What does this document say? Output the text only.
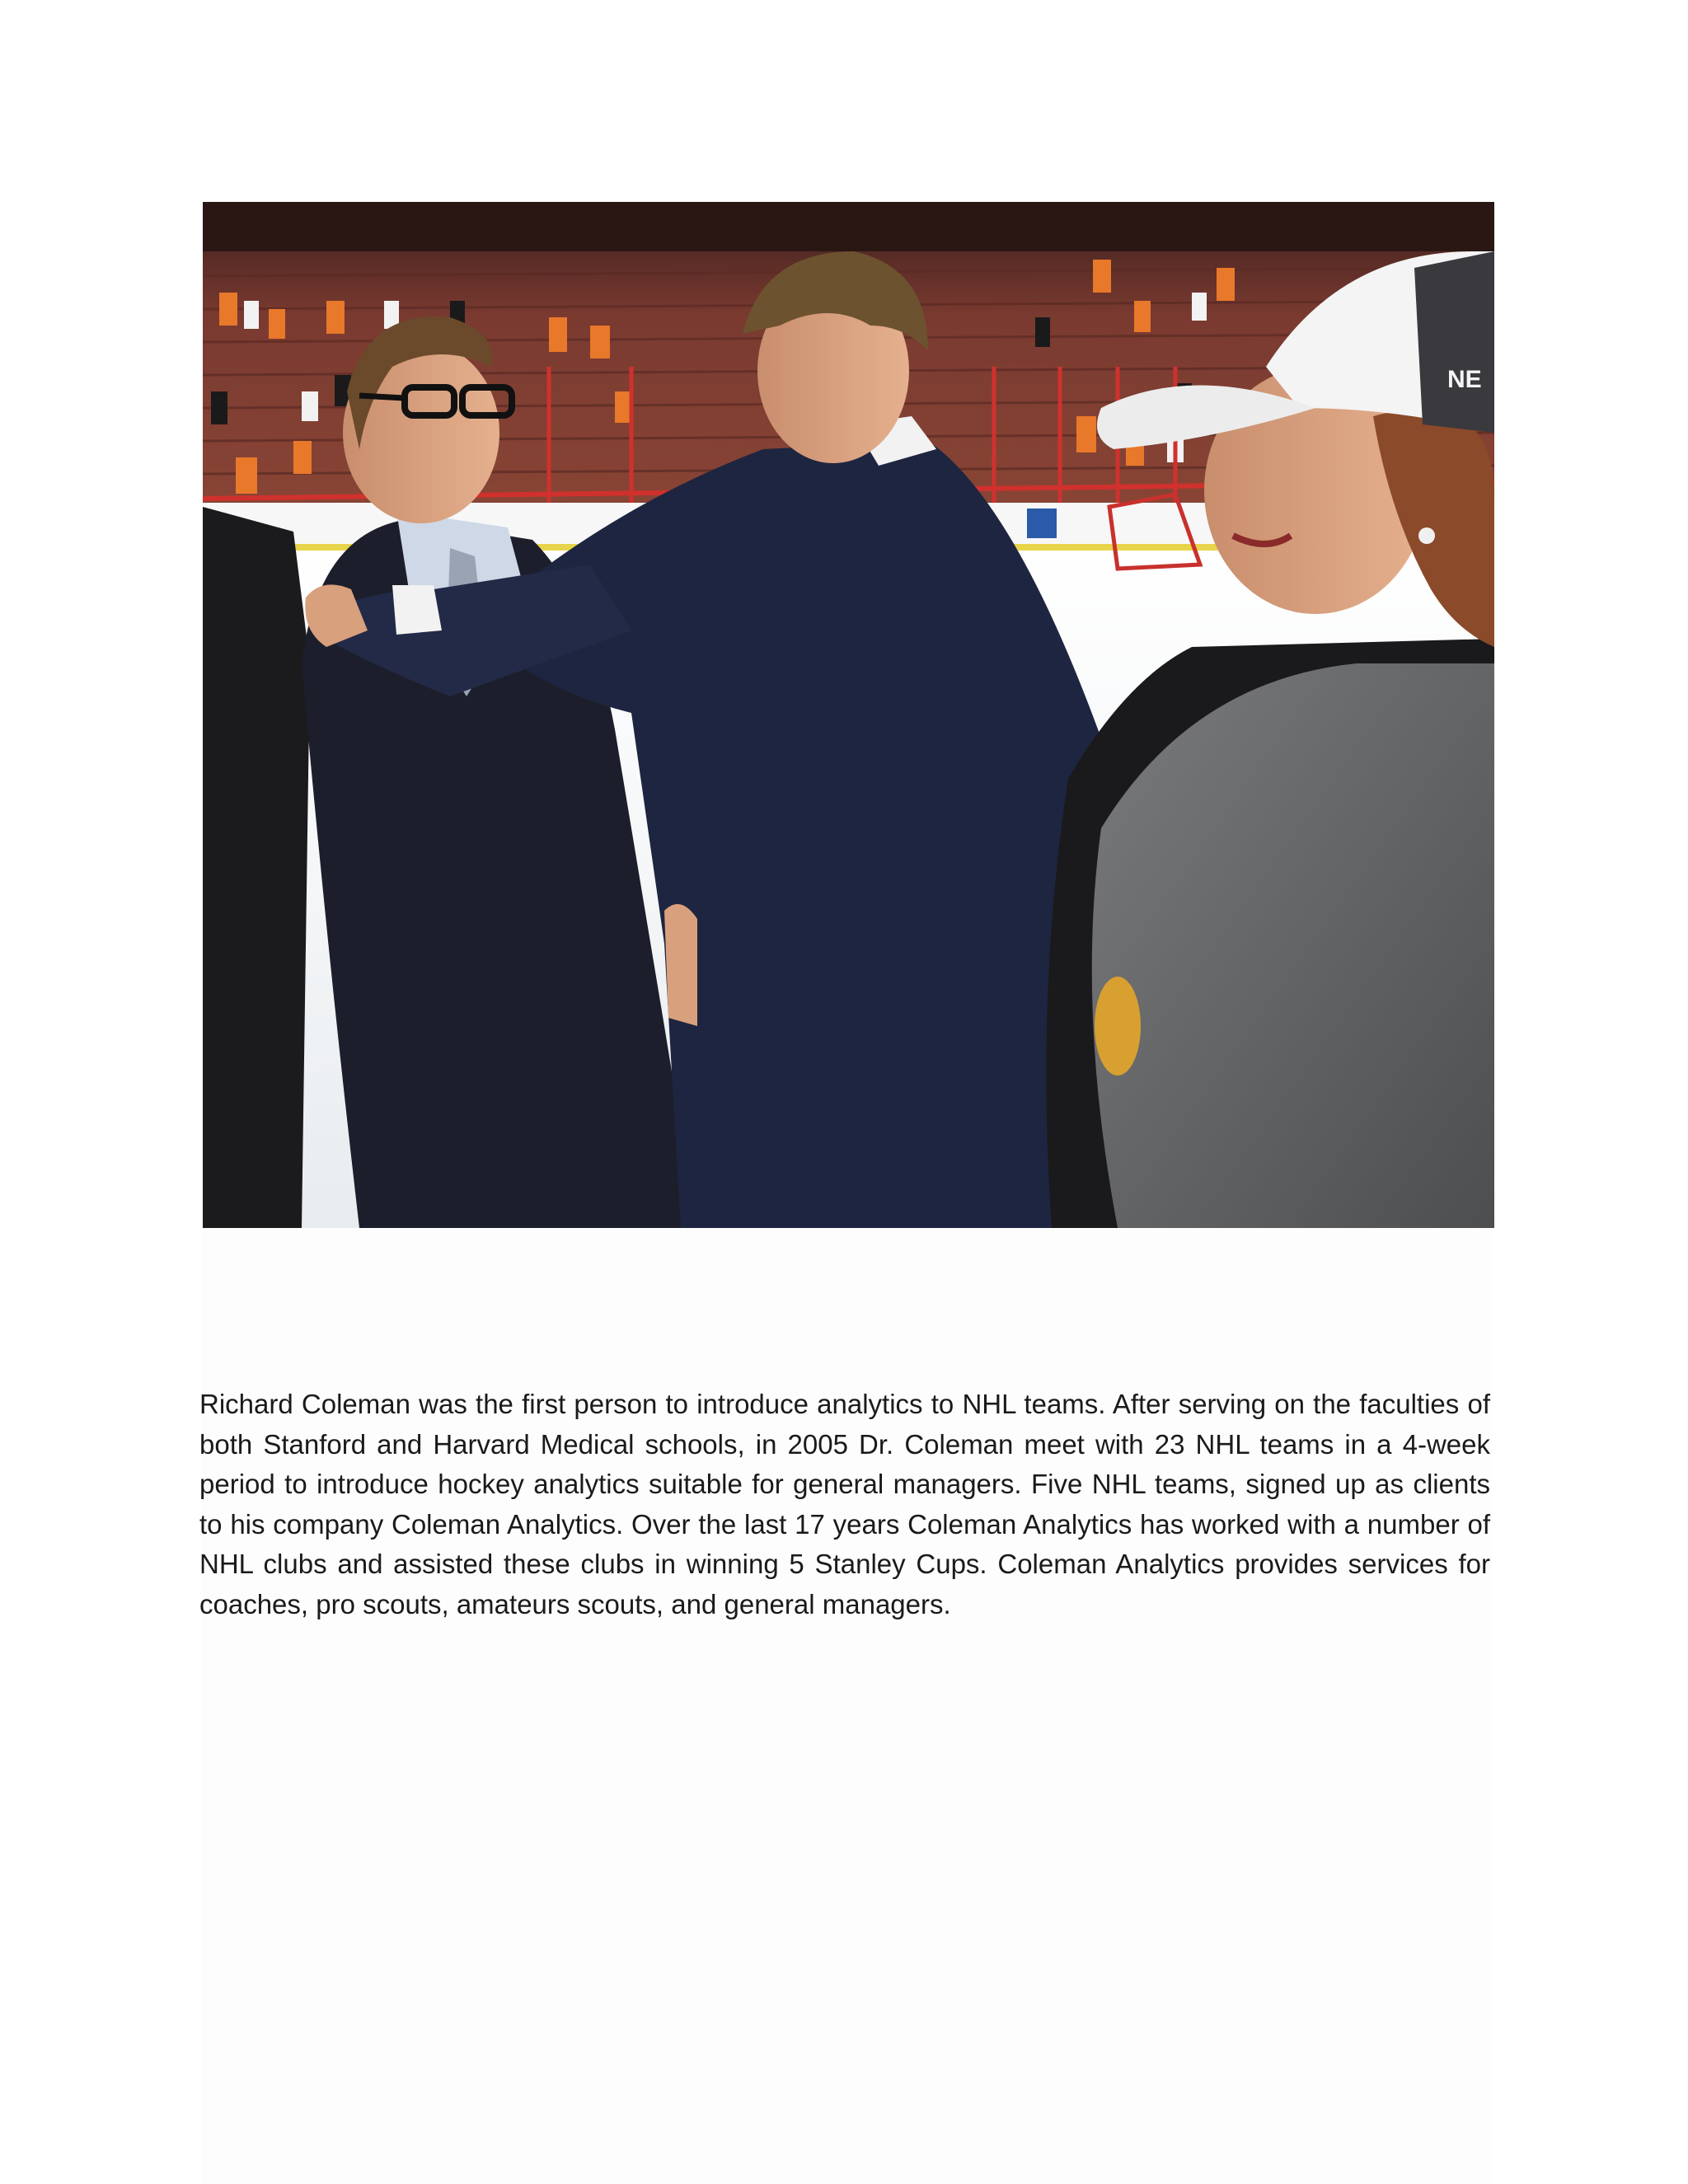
NE

Richard Coleman was the first person to introduce analytics to NHL teams. After serving on the faculties of both Stanford and Harvard Medical schools, in 2005 Dr. Coleman meet with 23 NHL teams in a 4-week period to introduce hockey analytics suitable for general managers. Five NHL teams, signed up as clients to his company Coleman Analytics. Over the last 17 years Coleman Analytics has worked with a number of NHL clubs and assisted these clubs in winning 5 Stanley Cups. Coleman Analytics provides services for coaches, pro scouts, amateurs scouts, and general managers.
